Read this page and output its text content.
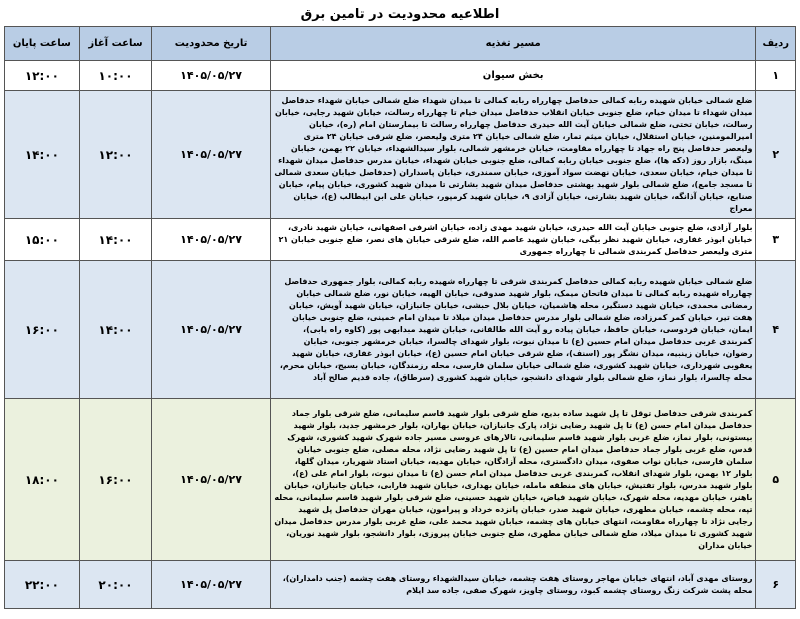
اطلاعیه محدودیت در تامین برق
ردیف	مسیر تغذیه	تاریخ محدودیت	ساعت آغاز	ساعت پایان
۱	بخش سیوان	۱۴۰۵/۰۵/۲۷	۱۰:۰۰	۱۲:۰۰
۲	ضلع شمالی خیابان شهیده ربابه کمالی حدفاصل چهارراه ربابه کمالی تا میدان شهداء ضلع شمالی خیابان شهداء حدفاصل میدان شهداء تا میدان خیام، ضلع جنوبی خیابان انقلاب حدفاصل میدان خیام تا چهارراه رسالت، خیابان شهید رجایی، خیابان رسالت، خیابان تختی، ضلع شمالی خیابان آیت الله حیدری حدفاصل چهارراه رسالت تا بیمارستان امام (ره)، خیابان امیرالمومنین، خیابان استقلال، خیابان میثم تمار، ضلع شمالی خیابان ۲۴ متری ولیعصر، ضلع شرقی خیابان ۲۴ متری ولیعصر حدفاصل پنج راه جهاد تا چهارراه مقاومت، خیابان خرمشهر شمالی، بلوار سیدالشهداء، خیابان ۲۲ بهمن، خیابان مینگ، بازار روز (دکه ها)، ضلع جنوبی خیابان ربابه کمالی، ضلع جنوبی خیابان شهداء، خیابان مدرس حدفاصل میدان شهداء تا میدان خیام، خیابان سعدی، خیابان نهضت سواد آموزی، خیابان سمندری، خیابان پاسداران (حدفاصل خیابان سعدی شمالی تا مسجد جامع)، ضلع شمالی بلوار شهید بهشتی حدفاصل میدان شهید بشارتی تا میدان شهید کشوری، خیابان پیام، خیابان صنایع، خیابان آذانگه، خیابان شهید بشارتی، خیابان آزادی ۹، خیابان شهید کرمپور، خیابان علی ابن ابیطالب (ع)، خیابان معراج	۱۴۰۵/۰۵/۲۷	۱۲:۰۰	۱۴:۰۰
۳	بلوار آزادی، ضلع جنوبی خیابان آیت الله حیدری، خیابان شهید مهدی زاده، خیابان اشرفی اصفهانی، خیابان شهید نادری، خیابان ابوذر غفاری، خیابان شهید نظر بیگی، خیابان شهید عاصم الله، ضلع شرقی خیابان های نصر، ضلع جنوبی خیابان ۲۱ متری ولیعصر حدفاصل کمربندی شمالی تا چهارراه جمهوری	۱۴۰۵/۰۵/۲۷	۱۴:۰۰	۱۵:۰۰
۴	ضلع شمالی خیابان شهیده ربابه کمالی حدفاصل کمربندی شرقی تا چهارراه شهیده ربابه کمالی، بلوار جمهوری حدفاصل چهارراه شهیده ربابه کمالی تا میدان فاتحان میمک، بلوار شهید صدوقی، خیابان الهیه، خیابان نور، ضلع شمالی خیابان رمضانی محمدی، خیابان شهید دستگیر، محله هاشمیان، خیابان بلال حبشی، خیابان جانبازان، خیابان شهید آویش، خیابان هفت تیر، خیابان کمر کمرزاده، ضلع شمالی بلوار مدرس حدفاصل میدان میلاد تا میدان امام خمینی، ضلع جنوبی خیابان ایمان، خیابان فردوسی، خیابان حافظ، خیابان پیاده رو آیت الله طالقانی، خیابان شهید مبدابهی پور (کاوه راه یابی)، کمربندی غربی حدفاصل میدان امام حسین (ع) تا میدان نبوت، بلوار شهدای چالسرا، خیابان خرمشهر جنوبی، خیابان رضوان، خیابان زینبیه، میدان نشگر پور (اسنف)، ضلع شرقی خیابان امام حسین (ع)، خیابان ابوذر غفاری، خیابان شهید یعقوبی شهرداری، خیابان شهید کشوری، ضلع شمالی خیابان سلمان فارسی، محله رزمندگان، خیابان بسیج، خیابان محرم، محله چالسرا، بلوار نماز، ضلع شمالی بلوار شهدای دانشجو، خیابان شهید کشوری (سرطاق)، جاده قدیم صالح آباد	۱۴۰۵/۰۵/۲۷	۱۴:۰۰	۱۶:۰۰
۵	کمربندی شرقی حدفاصل توقل تا پل شهید ساده بدیع، ضلع شرقی بلوار شهید قاسم سلیمانی، ضلع شرقی بلوار جماد حدفاصل میدان امام حسن (ع) تا پل شهید رضایی نژاد، پارک جانبازان، خیابان بهاران، بلوار خرمشهر جدید، بلوار شهید بیستونی، بلوار نماز، ضلع غربی بلوار شهید قاسم سلیمانی، تالارهای عروسی مسیر جاده شهرک شهید کشوری، شهرک قدس، ضلع غربی بلوار جماد حدفاصل میدان امام حسین (ع) تا پل شهید رضایی نژاد، محله مصلی، ضلع جنوبی خیابان سلمان فارسی، خیابان نواب صفوی، میدان دادگستری، محله آزادگان، خیابان مهدیه، خیابان استاد شهریار، میدان گلها، بلوار ۱۲ بهمن، بلوار شهدای انقلاب، کمربندی غربی حدفاصل میدان امام حسن (ع) تا میدان نبوت، بلوار امام علی (ع)، بلوار شهید مدرس، بلوار تفتیش، خیابان های منطقه مامله، خیابان بهداری، خیابان شهید فارابی، خیابان جانبازان، خیابان باهنر، خیابان مهدیه، محله شهرک، خیابان شهید فیاض، خیابان شهید حسینی، ضلع شرقی بلوار شهید قاسم سلیمانی، محله تپه، محله چشمه، خیابان مطهری، خیابان شهید صدر، خیابان پانزده خرداد و پیرامون، خیابان مهران حدفاصل پل شهید رجایی نژاد تا چهارراه مقاومت، انتهای خیابان های چشمه، خیابان شهید محمد علی، ضلع غربی بلوار مدرس حدفاصل میدان شهید کشوری تا میدان میلاد، ضلع شمالی خیابان مطهری، ضلع جنوبی خیابان پیروزی، بلوار دانشجو، بلوار شهید نوریان، خیابان مداران	۱۴۰۵/۰۵/۲۷	۱۶:۰۰	۱۸:۰۰
۶	روستای مهدی آباد، انتهای خیابان مهاجر روستای هفت چشمه، خیابان سیدالشهداء روستای هفت چشمه (جنب دامداران)، محله پشت شرکت زنگ روستای چشمه کبود، روستای چاویز، شهرک صفی، جاده سد ایلام	۱۴۰۵/۰۵/۲۷	۲۰:۰۰	۲۲:۰۰
